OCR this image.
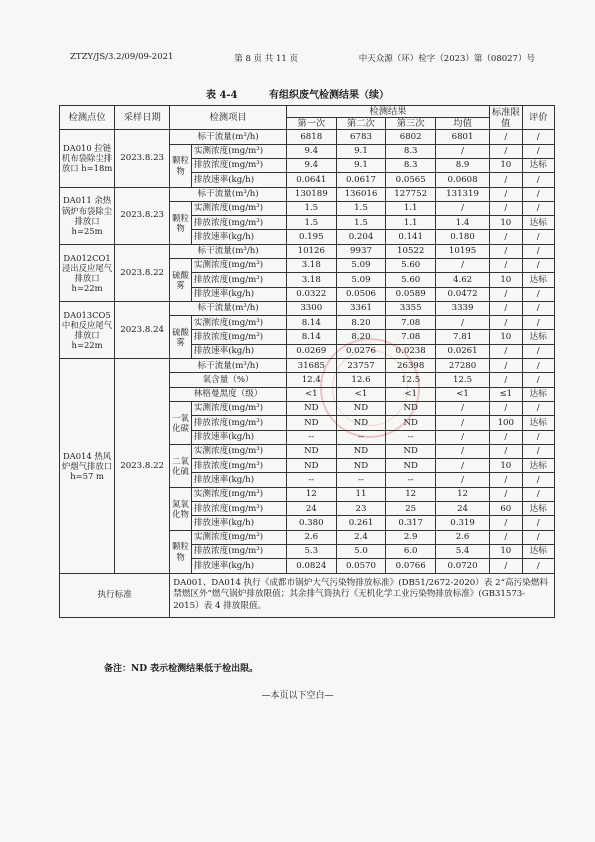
ZTZY/JS/3.2/09/09-2021	第 8 页 共 11 页	中天众源（环）检字（2023）第（08027）号
表 4-4	有组织废气检测结果（续）
检测点位	采样日期	检测项目		检测结果				标准限值	评价
				第一次	第二次	第三次	均值		
DA010 拉链机布袋除尘排放口 h=18m	2023.8.23	标干流量(m³/h)		6818	6783	6802	6801	/	/
		颗粒物	实测浓度(mg/m³)	9.4	9.1	8.3	/	/	/
			排放浓度(mg/m³)	9.4	9.1	8.3	8.9	10	达标
			排放速率(kg/h)	0.0641	0.0617	0.0565	0.0608	/	/
DA011 余热锅炉布袋除尘排放口 h=25m	2023.8.23	标干流量(m³/h)		130189	136016	127752	131319	/	/
		颗粒物	实测浓度(mg/m³)	1.5	1.5	1.1	/	/	/
			排放浓度(mg/m³)	1.5	1.5	1.1	1.4	10	达标
			排放速率(kg/h)	0.195	0.204	0.141	0.180	/	/
DA012CO1 浸出反应尾气排放口 h=22m	2023.8.22	标干流量(m³/h)		10126	9937	10522	10195	/	/
		硫酸雾	实测浓度(mg/m³)	3.18	5.09	5.60	/	/	/
			排放浓度(mg/m³)	3.18	5.09	5.60	4.62	10	达标
			排放速率(kg/h)	0.0322	0.0506	0.0589	0.0472	/	/
DA013CO5 中和反应尾气排放口 h=22m	2023.8.24	标干流量(m³/h)		3300	3361	3355	3339	/	/
		硫酸雾	实测浓度(mg/m³)	8.14	8.20	7.08	/	/	/
			排放浓度(mg/m³)	8.14	8.20	7.08	7.81	10	达标
			排放速率(kg/h)	0.0269	0.0276	0.0238	0.0261	/	/
DA014 热风炉烟气排放口 h=57 m	2023.8.22	标干流量(m³/h)		31685	23757	26398	27280	/	/
		氧含量（%）		12.4	12.6	12.5	12.5	/	/
		林格曼黑度（级）		<1	<1	<1	<1	≤1	达标
		一氧化碳	实测浓度(mg/m³)	ND	ND	ND	/	/	/
			排放浓度(mg/m³)	ND	ND	ND	/	100	达标
			排放速率(kg/h)	--	--	--	/	/	/
		二氧化硫	实测浓度(mg/m³)	ND	ND	ND	/	/	/
			排放浓度(mg/m³)	ND	ND	ND	/	10	达标
			排放速率(kg/h)	--	--	--	/	/	/
		氮氧化物	实测浓度(mg/m³)	12	11	12	12	/	/
			排放浓度(mg/m³)	24	23	25	24	60	达标
			排放速率(kg/h)	0.380	0.261	0.317	0.319	/	/
		颗粒物	实测浓度(mg/m³)	2.6	2.4	2.9	2.6	/	/
			排放浓度(mg/m³)	5.3	5.0	6.0	5.4	10	达标
			排放速率(kg/h)	0.0824	0.0570	0.0766	0.0720	/	/
执行标准		DA001、DA014 执行《成都市锅炉大气污染物排放标准》(DB51/2672-2020）表 2“高污染燃料禁燃区外”燃气锅炉排放限值；其余排气筒执行《无机化学工业污染物排放标准》(GB31573-2015）表 4 排放限值。							
备注：ND 表示检测结果低于检出限。
—本页以下空白—
